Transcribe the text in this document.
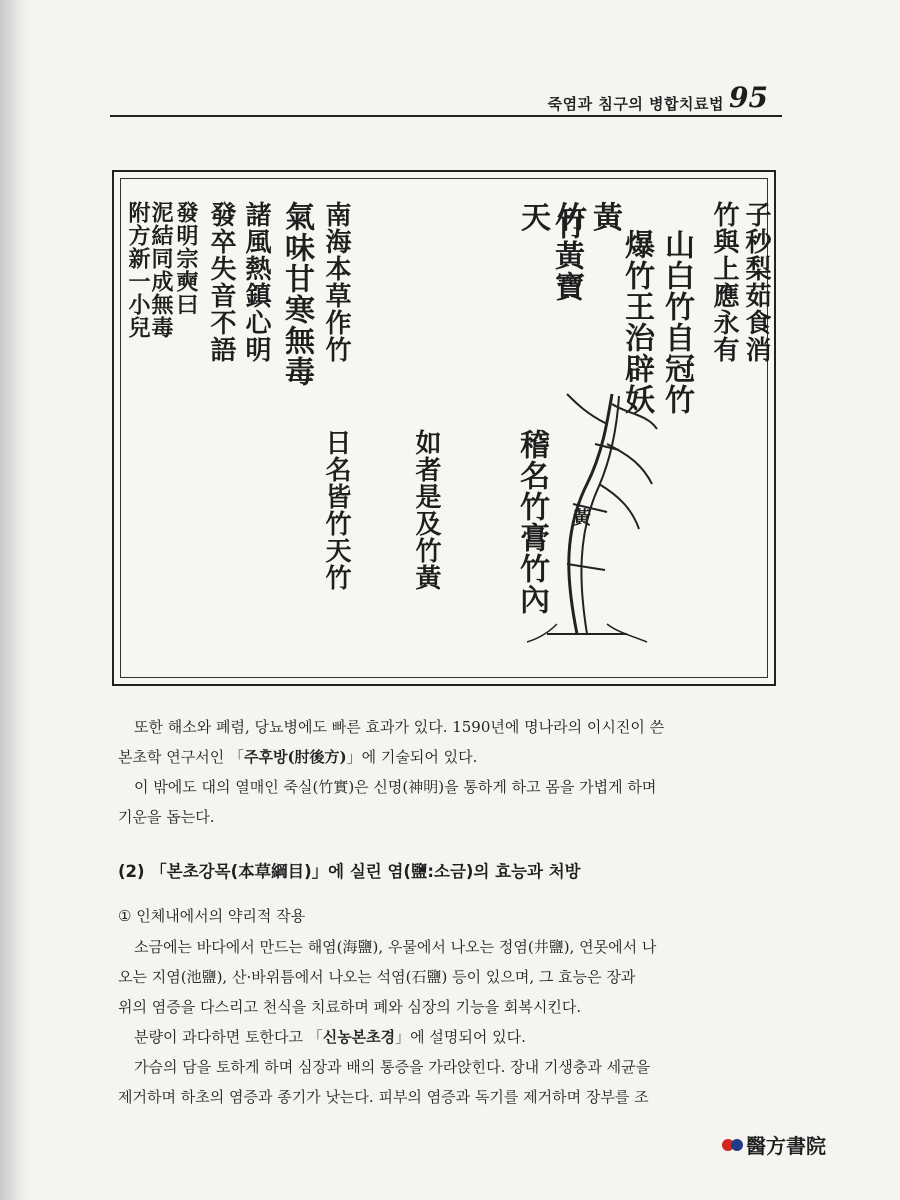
죽염과 침구의 병합치료법 95
天竹黃
黃
子秒梨茹食消
竹與上應永有
山白竹自冠竹
爆竹王治辟妖
竹黃寶
稽名竹膏竹內
如者是及竹黃
日名皆竹天竹
南海本草作竹
氣味甘寒無毒
諸風熱鎮心明
發卒失音不語
發明宗奭曰
泥結同成無毒
附方新一小兒

또한 해소와 폐렴, 당뇨병에도 빠른 효과가 있다. 1590년에 명나라의 이시진이 쓴

본초학 연구서인 「주후방(肘後方)」에 기술되어 있다.

이 밖에도 대의 열매인 죽실(竹實)은 신명(神明)을 통하게 하고 몸을 가볍게 하며

기운을 돕는다.

(2) 「본초강목(本草綱目)」에 실린 염(鹽:소금)의 효능과 처방
① 인체내에서의 약리적 작용

소금에는 바다에서 만드는 해염(海鹽), 우물에서 나오는 정염(井鹽), 연못에서 나

오는 지염(池鹽), 산·바위틈에서 나오는 석염(石鹽) 등이 있으며, 그 효능은 장과

위의 염증을 다스리고 천식을 치료하며 폐와 심장의 기능을 회복시킨다.

분량이 과다하면 토한다고 「신농본초경」에 설명되어 있다.

가슴의 담을 토하게 하며 심장과 배의 통증을 가라앉힌다. 장내 기생충과 세균을

제거하며 하초의 염증과 종기가 낫는다. 피부의 염증과 독기를 제거하며 장부를 조

醫方書院
